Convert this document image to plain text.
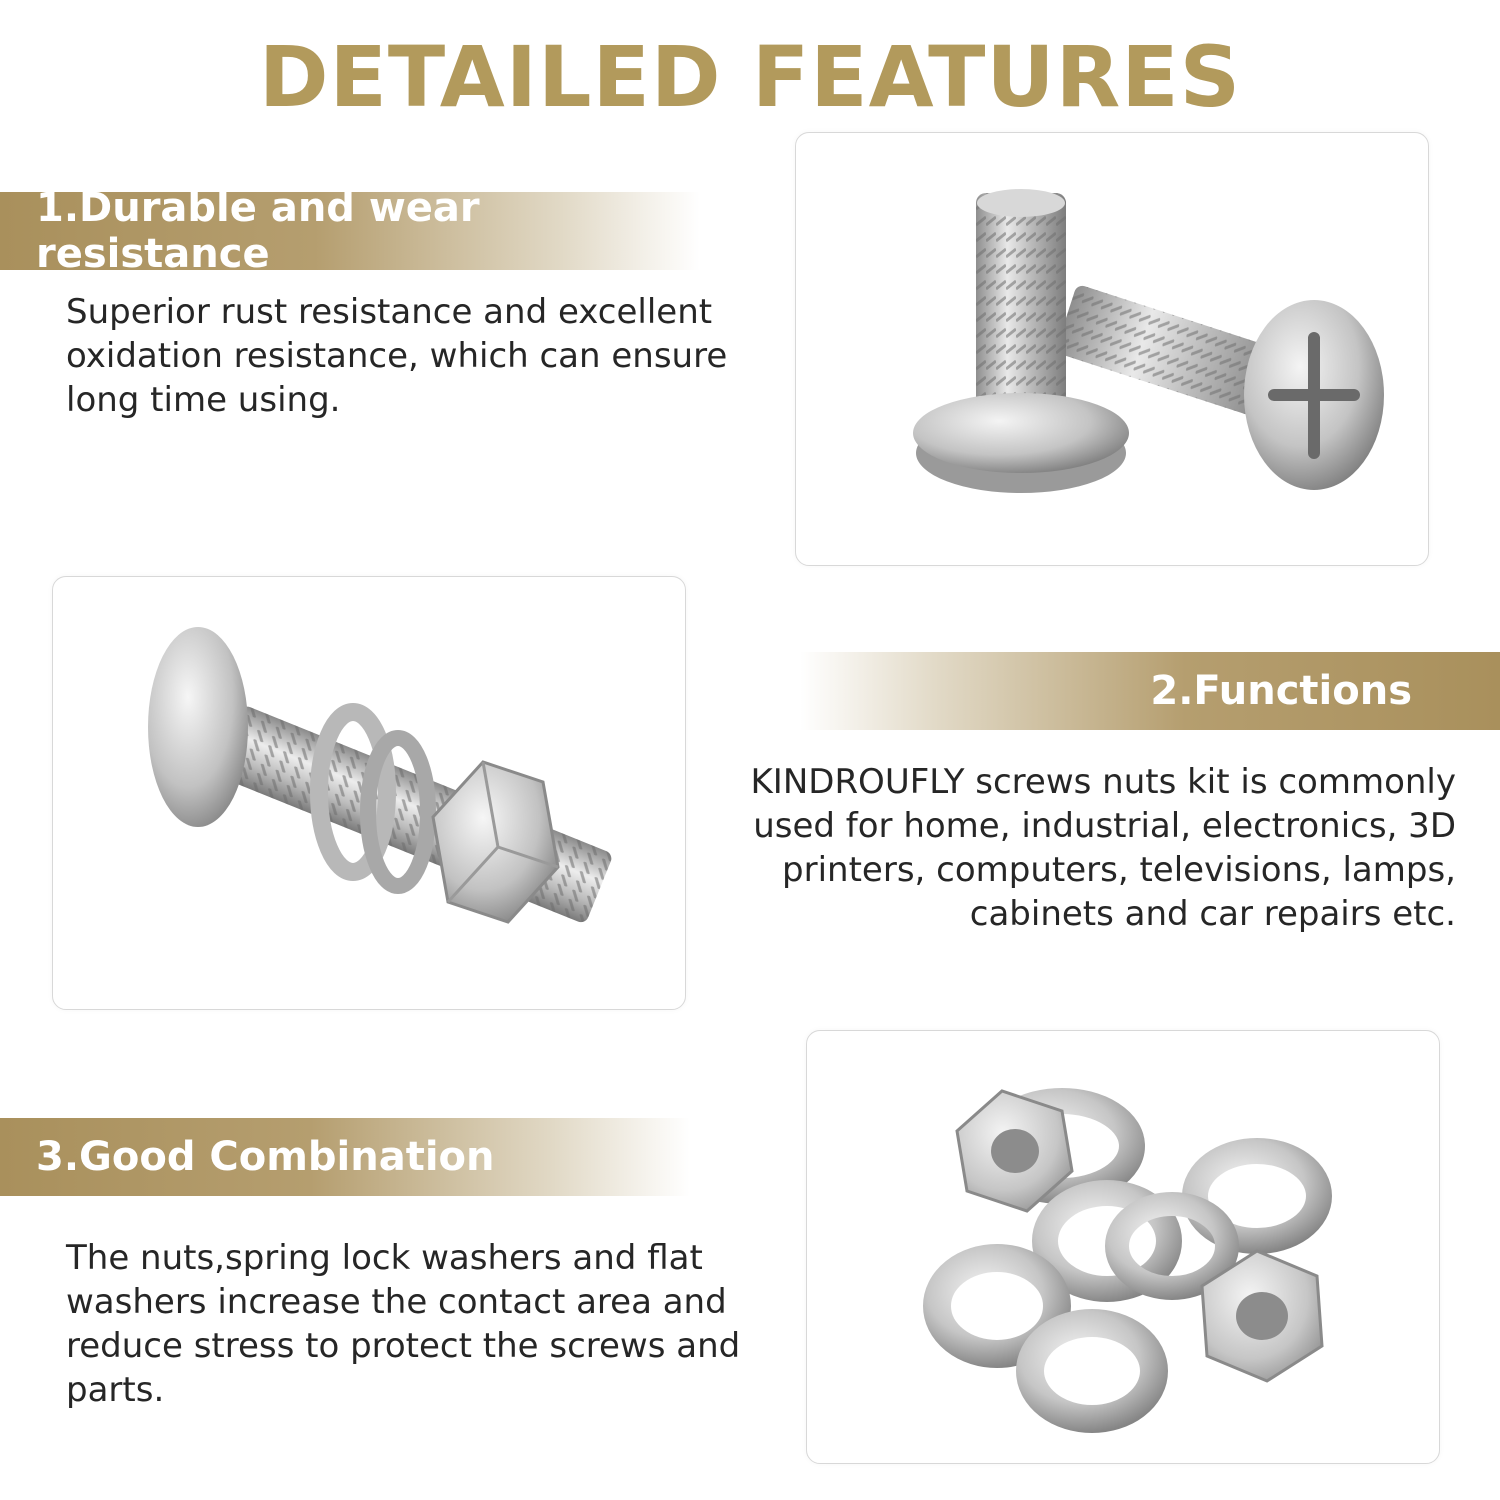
DETAILED FEATURES
1.Durable and wear resistance
Superior rust resistance and excellent
oxidation resistance, which can ensure
long time using.
2.Functions
KINDROUFLY screws nuts kit is commonly
used for home, industrial, electronics, 3D
printers, computers, televisions, lamps,
cabinets and car repairs etc.
3.Good Combination
The nuts,spring lock washers and flat
washers increase the contact area and
reduce stress to protect the screws and
parts.
